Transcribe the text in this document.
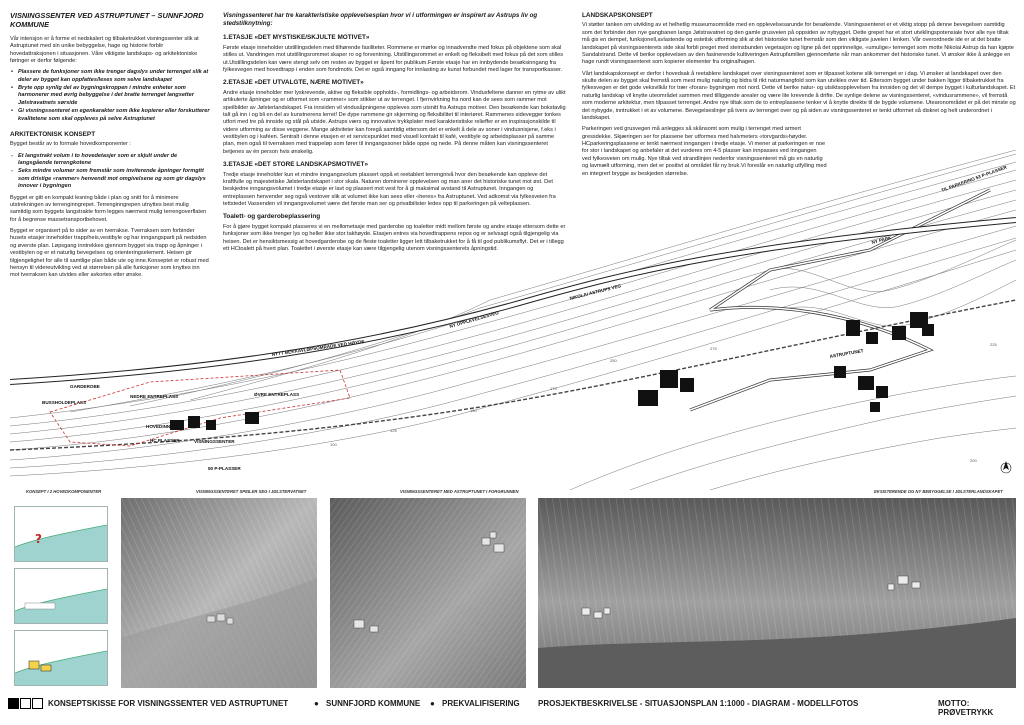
VISNINGSSENTER VED ASTRUPTUNET – SUNNFJORD KOMMUNE

Vår intensjon er å forme et nedskalert og tilbaketrukket visningssenter slik at Astruptunet med sin unike bebyggelse, hage og historie forblir hovedattraksjonen i situasjonen. Våre viktigste landskaps- og arkitektoniske føringer er derfor følgende:

• Plassere de funksjoner som ikke trenger dagslys under terrenget slik at deler av bygget kan oppfattes/leses som selve landskapet
• Bryte opp synlig del av bygningskroppen i mindre enheter som harmonerer med øvrig bebyggelse i det bratte terrenget langsetter Jølstravatnets sørside
• Gi visningssenteret en egenkarakter som ikke kopierer eller forskutterer kvalitetene som skal oppleves på selve Astruptunet
ARKITEKTONISK KONSEPT

Bygget består av to formale hovedkomponenter :

- Et langstrakt volum i to hovedetasjer som er skjult under de langsgående terrengkotene
- Seks mindre volumer som fremstår som inviterende åpninger formgitt som dristige «rammer» henvendt mot omgivelsene og som gir dagslys innover i bygningen

Bygget er gitt en kompakt lesning både i plan og snitt for å minimere utstrekningen av terrenginngrepet. Terrenginngrepen utnyttes best mulig samtidig som byggets langstrakte form legges nærmest mulig terrengoverflaten for å begrense massetransportbehovet.

Bygget er organisert på to sider av en tverrakse. Tverraksen som forbinder husets etasjer inneholder trapp/heis,vestibyle og har inngangsparti på nedsiden og øverste plan. Løpsgang inntrekkes gjennom bygget via trapp og åpninger i vestibylen og er et naturlig bevegelses og orienteringselement. Heisen gir tilgjengelighet for alle til samtlige plan både ute og inne.Konseptet er robust med hensyn til videreutvikling ved at størrelsen på alle funksjoner som knyttes inn mot tverraksen kan utvides eller avkortes etter ønske.

Visningssenteret har tre karakteristiske opplevelsesplan hvor vi i utformingen er inspirert av Astrups liv og stedstilknytning:
1.ETASJE «DET MYSTISKE/SKJULTE MOTIVET»

Første etasje inneholder utstillingsdelen med tilhørende fasiliteter. Rommene er mørke og innadvendte med fokus på objektene som skal stilles ut. Vandringen mot utstillingsrommet skaper ro og forventning. Utstillingsrommet er enkelt og fleksibelt med fokus på det som stilles ut.Utstillingsdelen kan være stengt selv om resten av bygget er åpent for publikum.Første etasje har en innbydende besøksinngang fra fylkesvegen med hovedtrapp i enden som fondmotiv. Det er også inngang for innlasting av kunst forbundet med lager for transportkasser.

2.ETASJE «DET UTVALGTE, NÆRE MOTIVET»

Andre etasje inneholder mer lyskrevende, aktive og fleksible oppholds-, formidlings- og arbeidsrom. Vindusfeltene danner en rytme av ulikt artikulerte åpninger og er utformet som «rammer» som stikker ut av terrenget. I fjernvirkning fra nord kan de sees som rammer mot speilbilder av Jølsterlandskapet. Fra innsiden vil vindusåpningene oppleves som utsnitt fra Astrups motiver. Den besøkende kan bokstavlig talt gå inn i og bli en del av kunstnerens lerret! De dype rammene gir skjerming og fleksibilitet til interiøret. Rammenes sidevegger tonkes utfort med tre på innside og stål på utside. Astrups værs og innovative trykkplater med karakteristiske relieffer er en inspirasjonskilde til videre utforming av disse veggene. Mange aktiviteter kan foregå samtidig ettersom det er enkelt å dele av soner i vindusnisjene, f.eks i vestibylen og i kaféen. Sentralt i denne etasjen er et servicepunktet med visuell kontakt til kafé, vestibyle og arbeidsplasser på samme plan, men også til tverraksen med trappeløp som fører til inngangssoner både oppe og nede. På denne måten kan visningssenteret betjenes av én person hvis ønskelig.

3.ETASJE «DET STORE LANDSKAPSMOTIVET»

Tredje etasje inneholder kun et mindre inngangsvolum plassert oppå et reetablert terrengnivå hvor den besøkende kan oppleve det kraftfulle og majestetiske Jølsterlandskapet i stor skala. Naturen dominerer opplevelsen og man aner det historiske tunet mot øst. Det beskjedne inngangsvolumet i tredje etasje er lavt og plassert mot vest for å gi maksimal avstand til Astruptunet. Inngangen og entreplassen henvender seg også vestover slik at volumet ikke kan sees eller «heres» fra Astruptunet. Ved adkomst via fylkesveien fra tettstedet Vassenden vil inngangsvolumet være det første man ser og privatbilister ledes opp til parkeringen på velteplassen.

Toalett- og garderobeplassering

For å gjøre bygget kompakt plasseres vi en mellometasje med garderobe og toaletter midt mellom første og andre etasje ettersom dette er funksjoner som ikke trenger lys og heller ikke stor takhøyde. Etasjen entres via hovedtrappens repos og er selvsagt også tilgjengelig via heisen. Det er hensiktsmessig at hovedgarderobe og de fleste toaletter ligger lett tilbaketrukket for å få til god publikumsflyt. Det er i tillegg ett HCtoalett på hvert plan. Toalettet i øverste etasje kan være tilgjengelig utenom visningssenterets åpningstid.

LANDSKAPSKONSEPT

Vi støtter tanken om utvikling av et helhetlig museumsområde med en opplevelsesarunde for besøkende. Visningssenteret er et viktig stopp på denne bevegelsen samtidig som det forbinder den nye gangbanen langs Jølstravatnet og den gamle grusveien på oppsiden av nybygget. Dette grepet har et stort utviklingspotensiale hvor alle nye tiltak må gis en dempet, funksjonell,avlastende og estetisk utforming slik at det historiske tunet fremstår som den viktigste juvelen i lenken. Vår overordnede ide er at det bratte landskapet på visningssenterets side skal forbli preget med steinsbunden vegetasjon og ligne på det opprinnelige, «umulige» terrenget som motte Nikolai Astrup da han kjøpte Sandalstrand. Dette vil berike opplevelsen av den fasinerende kultiveringen Astrupfamilien gjennomførte når man ankommer det historiske tunet. Vi ønsker ikke å anlegge en hage rundt visningssenteret som kopierer elementer fra originalhagen.

Vårt landskapskonsept er derfor i hovedsak å reetablere landskapet over visningssenteret som er tilpasset kotene slik terrenget er i dag. Vi ønsker at landskapet over den skulte delen av bygget skal fremstå som mest mulig naturlig og bidra til rikt naturmangfold som kan utvikles over tid. Ettersom bygget under bakken ligger tilbaketrukket fra fylkesvegen er det gode veksvilkår for trær «foran» bygningen mot nord. Dette vil berike natur- og utsiktsopplevelsen fra innsiden og det vil dempe bygget i kulturlandskapet. Et naturlig landskap vil knytte uteområdet sammen med tilliggende arealer og være lite krevende å drifte. De synlige delene av visningssenteret, «vindusrammene», vil fremstå som moderne arkitektur, men tilpasset terrenget. Andre nye tiltak som de to entreplassene tenker vi å knytte direkte til de bygde volumene. Utearonområdet er på det minste og det nybygde, inntrukket i et av volumene. Bevegelseslinjer på tvers av terrenget over og på siden av visningssenteret er tenkt utformet så diskret og helt underordnet i landskapet.

Parkeringen ved grusvegen må anlegges så skånsomt som mulig i terrenget med armert gressdekke. Skjæringen ser for plassene ber utformes med halvmeters «torvgards»høyder. HCparkeringsplassene er tenkt nærmest inngangen i tredje etasje. Vi mener at parkeringen er noe for stor i landskapet og anbefaler at det vurderes om 4-5 plasser kan innpasses ved inngangen ved fylkesveien om mulig. Nye tiltak ved strandlinjen nedenfor visningssenteret må gis en naturlig og lavmælt utforming, men det er positivt at området får ny bruk.Vi foreslår en naturlig utfylling med en integrert brygge av beskjeden størrelse.

VISNINGSSENTER
ASTRUPTUNET
NIKOLAI ASTRUPS VEG
NY OPPLEVELSESVEG
BUSSHOLDEPLASS
NEDRE ENTREPLASS	ØVRE ENTREPLASS
HC PLASSER
50 P-PLASSER
NYTT BEKKAVLØPSOMRÅDE VED HØYDE
NY PARK
TIL PARKERING 53 P-PLASSER
GARDEROBE
HOVEDINNGANG
100
125
150
175
200
225
250
275
KONSEPT I 2 HOVEDKOMPONENTER	VISNINGSSENTERET SPEILER SEG I JØLSTERVATNET	VISNINGSSENTERET MED ASTRUPTUNET I FORGRUNNEN	EKSISTERENDE OG NY BEBYGGELSE I JØLSTERLANDSKAPET
?
KONSEPTSKISSE FOR VISNINGSSENTER VED ASTRUPTUNET	● SUNNFJORD KOMMUNE ● PREKVALIFISERING PROSJEKTBESKRIVELSE - SITUASJONSPLAN 1:1000 - DIAGRAM - MODELLFOTOS	MOTTO: PRØVETRYKK
